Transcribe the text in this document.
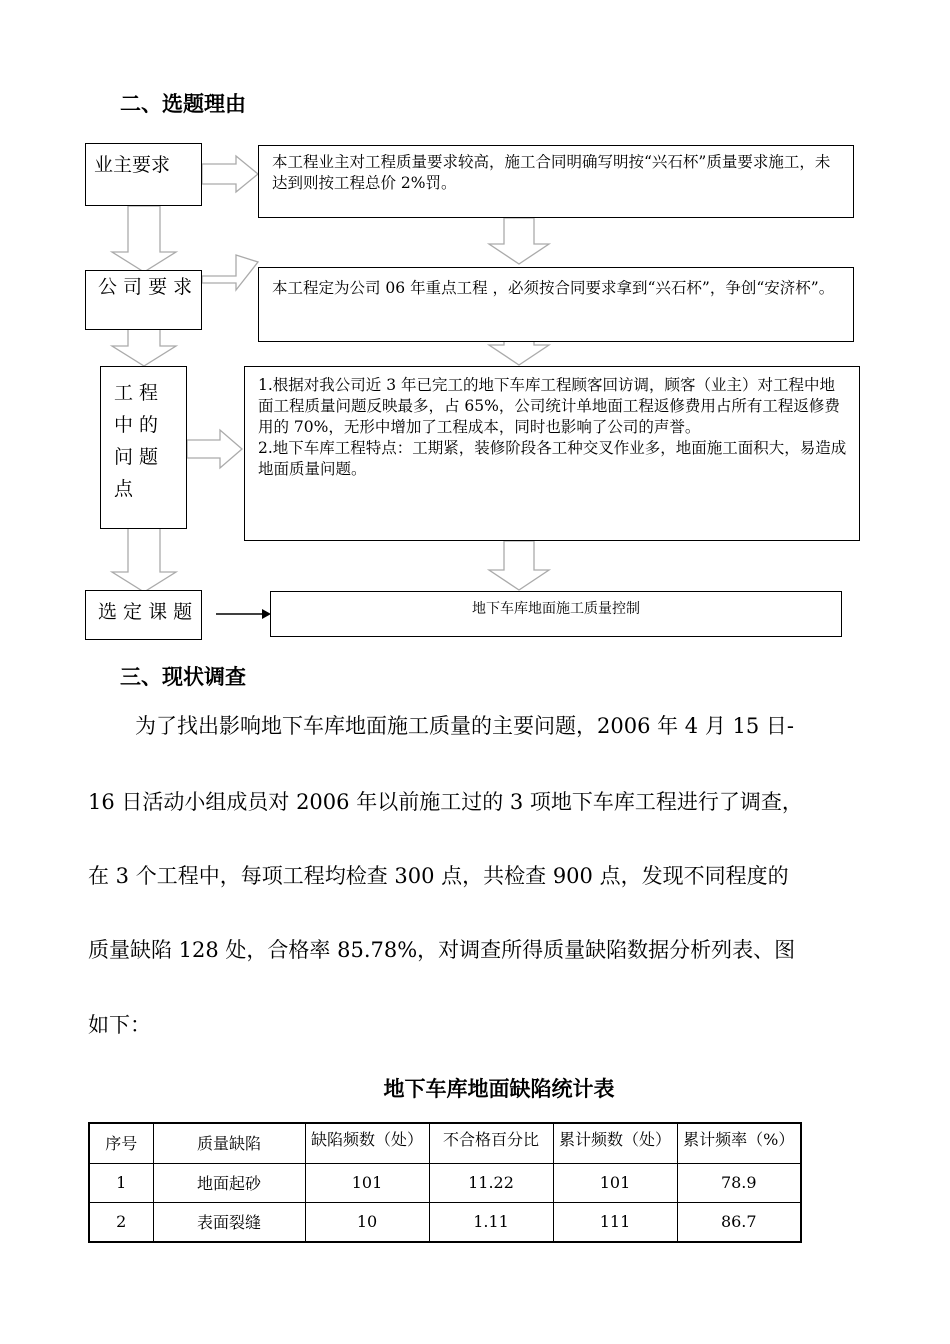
二、选题理由
业主要求	本工程业主对工程质量要求较高，施工合同明确写明按“兴石杯”质量要求施工，未达到则按工程总价 2%罚。
公 司 要 求	本工程定为公司 06 年重点工程 ，必须按合同要求拿到“兴石杯”，争创“安济杯”。
工 程 中 的 问 题 点
1.根据对我公司近 3 年已完工的地下车库工程顾客回访调，顾客（业主）对工程中地面工程质量问题反映最多，占 65%，公司统计单地面工程返修费用占所有工程返修费用的 70%，无形中增加了工程成本，同时也影响了公司的声誉。
2.地下车库工程特点：工期紧，装修阶段各工种交叉作业多，地面施工面积大，易造成地面质量问题。
选 定 课 题	地下车库地面施工质量控制
三、现状调查
为了找出影响地下车库地面施工质量的主要问题，2006 年 4 月 15 日-
16 日活动小组成员对 2006 年以前施工过的 3 项地下车库工程进行了调查，
在 3 个工程中，每项工程均检查 300 点，共检查 900 点，发现不同程度的
质量缺陷 128 处，合格率 85.78%，对调查所得质量缺陷数据分析列表、图
如下：
地下车库地面缺陷统计表
序号	质量缺陷	缺陷频数（处）	不合格百分比	累计频数（处）	累计频率（%）

1	地面起砂	101	11.22	101	78.9
2	表面裂缝	10	1.11	111	86.7
